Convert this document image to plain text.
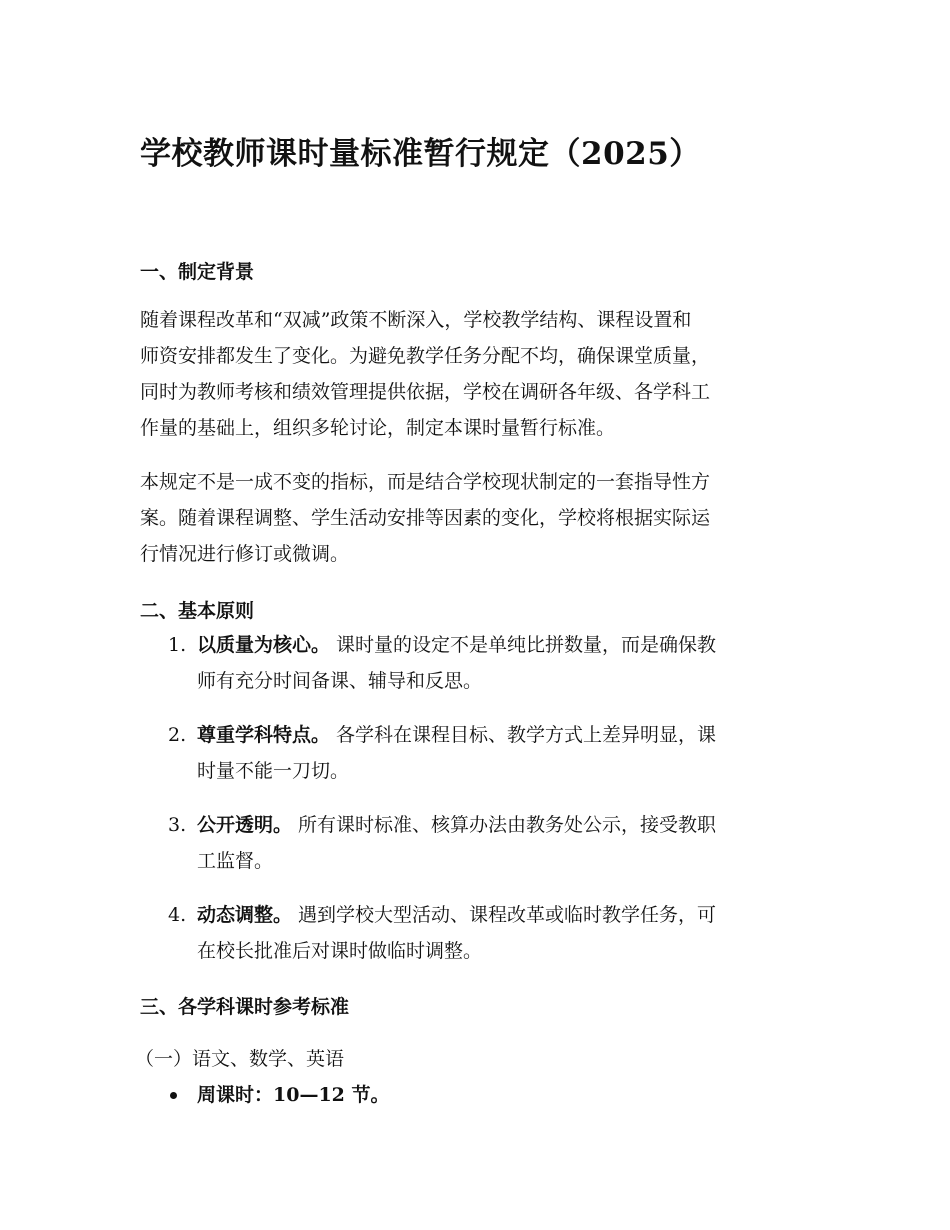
学校教师课时量标准暂行规定（2025）
一、制定背景

随着课程改革和“双减”政策不断深入，学校教学结构、课程设置和
师资安排都发生了变化。为避免教学任务分配不均，确保课堂质量，
同时为教师考核和绩效管理提供依据，学校在调研各年级、各学科工
作量的基础上，组织多轮讨论，制定本课时量暂行标准。

本规定不是一成不变的指标，而是结合学校现状制定的一套指导性方
案。随着课程调整、学生活动安排等因素的变化，学校将根据实际运
行情况进行修订或微调。

二、基本原则
1. 以质量为核心。 课时量的设定不是单纯比拼数量，而是确保教
师有充分时间备课、辅导和反思。
2. 尊重学科特点。 各学科在课程目标、教学方式上差异明显，课
时量不能一刀切。
3. 公开透明。 所有课时标准、核算办法由教务处公示，接受教职
工监督。
4. 动态调整。 遇到学校大型活动、课程改革或临时教学任务，可
在校长批准后对课时做临时调整。
三、各学科课时参考标准

（一）语文、数学、英语

周课时：10—12 节。
